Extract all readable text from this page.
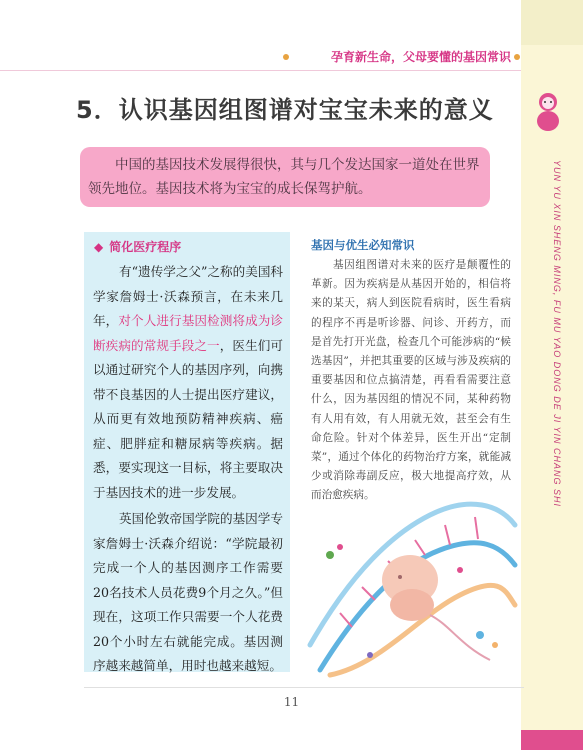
YUN YU XIN SHENG MING, FU MU YAO DONG DE JI YIN CHANG SHI
孕育新生命，父母要懂的基因常识
5．认识基因组图谱对宝宝未来的意义
中国的基因技术发展得很快，其与几个发达国家一道处在世界领先地位。基因技术将为宝宝的成长保驾护航。
◆ 简化医疗程序

有“遗传学之父”之称的美国科学家詹姆士·沃森预言，在未来几年，对个人进行基因检测将成为诊断疾病的常规手段之一，医生们可以通过研究个人的基因序列，向携带不良基因的人士提出医疗建议，从而更有效地预防精神疾病、癌症、肥胖症和糖尿病等疾病。据悉，要实现这一目标，将主要取决于基因技术的进一步发展。

英国伦敦帝国学院的基因学专家詹姆士·沃森介绍说：“学院最初完成一个人的基因测序工作需要20名技术人员花费9个月之久。”但现在，这项工作只需要一个人花费20个小时左右就能完成。基因测序越来越简单，用时也越来越短。

基因与优生必知常识

基因组图谱对未来的医疗是颠覆性的革新。因为疾病是从基因开始的，相信将来的某天，病人到医院看病时，医生看病的程序不再是听诊器、问诊、开药方，而是首先打开光盘，检查几个可能涉病的“候选基因”，并把其重要的区域与涉及疾病的重要基因和位点搞清楚，再看看需要注意什么，因为基因组的情况不同，某种药物有人用有效，有人用就无效，甚至会有生命危险。针对个体差异，医生开出“定制菜”，通过个体化的药物治疗方案，就能减少或消除毒副反应，极大地提高疗效，从而治愈疾病。

11
